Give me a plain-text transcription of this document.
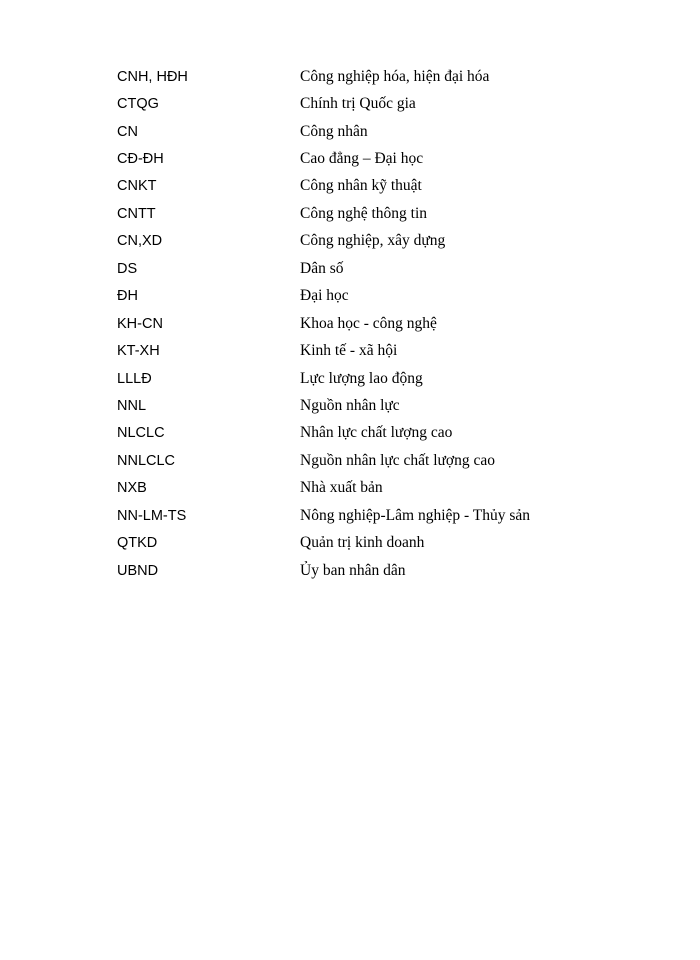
CNH, HĐH	Công nghiệp hóa, hiện đại hóa
CTQG	Chính trị Quốc gia
CN	Công nhân
CĐ-ĐH	Cao đẳng – Đại học
CNKT	Công nhân kỹ thuật
CNTT	Công nghệ thông tin
CN,XD	Công nghiệp, xây dựng
DS	Dân số
ĐH	Đại học
KH-CN	Khoa học - công nghệ
KT-XH	Kinh tế - xã hội
LLLĐ	Lực lượng lao động
NNL	Nguồn nhân lực
NLCLC	Nhân lực chất lượng cao
NNLCLC	Nguồn nhân lực chất lượng cao
NXB	Nhà xuất bản
NN-LM-TS	Nông nghiệp-Lâm nghiệp - Thủy sản
QTKD	Quản trị kinh doanh
UBND	Ủy ban nhân dân
